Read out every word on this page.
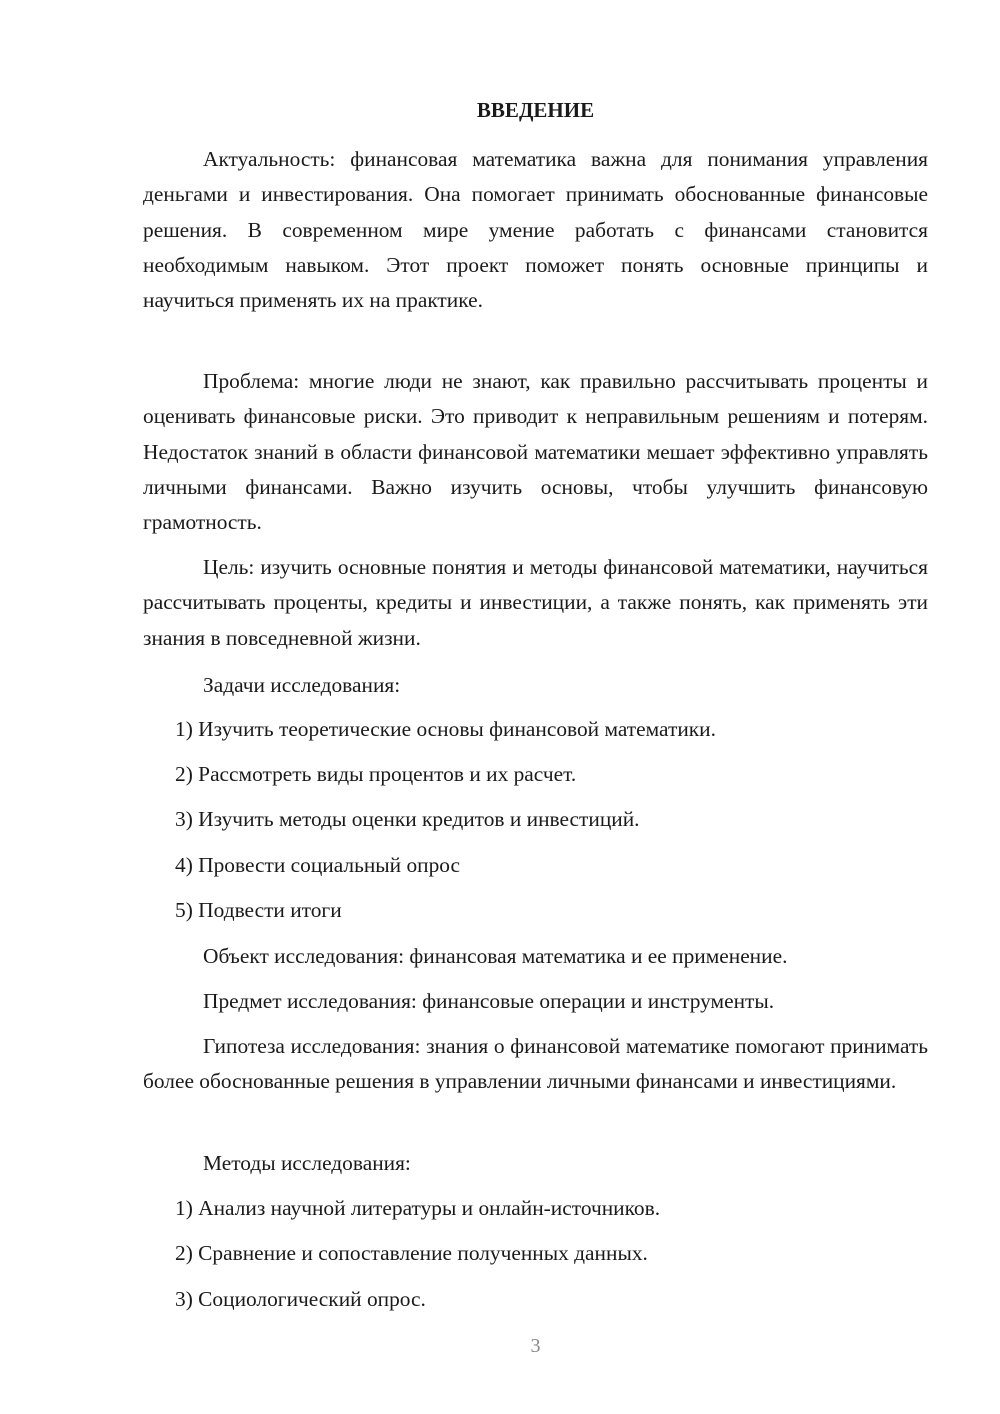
ВВЕДЕНИЕ

Актуальность: финансовая математика важна для понимания управления деньгами и инвестирования. Она помогает принимать обоснованные финансовые решения. В современном мире умение работать с финансами становится необходимым навыком. Этот проект поможет понять основные принципы и научиться применять их на практике.

Проблема: многие люди не знают, как правильно рассчитывать проценты и оценивать финансовые риски. Это приводит к неправильным решениям и потерям. Недостаток знаний в области финансовой математики мешает эффективно управлять личными финансами. Важно изучить основы, чтобы улучшить финансовую грамотность.

Цель: изучить основные понятия и методы финансовой математики, научиться рассчитывать проценты, кредиты и инвестиции, а также понять, как применять эти знания в повседневной жизни.

Задачи исследования:

1) Изучить теоретические основы финансовой математики.

2) Рассмотреть виды процентов и их расчет.

3) Изучить методы оценки кредитов и инвестиций.

4) Провести социальный опрос

5) Подвести итоги

Объект исследования: финансовая математика и ее применение.

Предмет исследования: финансовые операции и инструменты.

Гипотеза исследования: знания о финансовой математике помогают принимать более обоснованные решения в управлении личными финансами и инвестициями.

Методы исследования:

1) Анализ научной литературы и онлайн-источников.

2) Сравнение и сопоставление полученных данных.

3) Социологический опрос.

3
